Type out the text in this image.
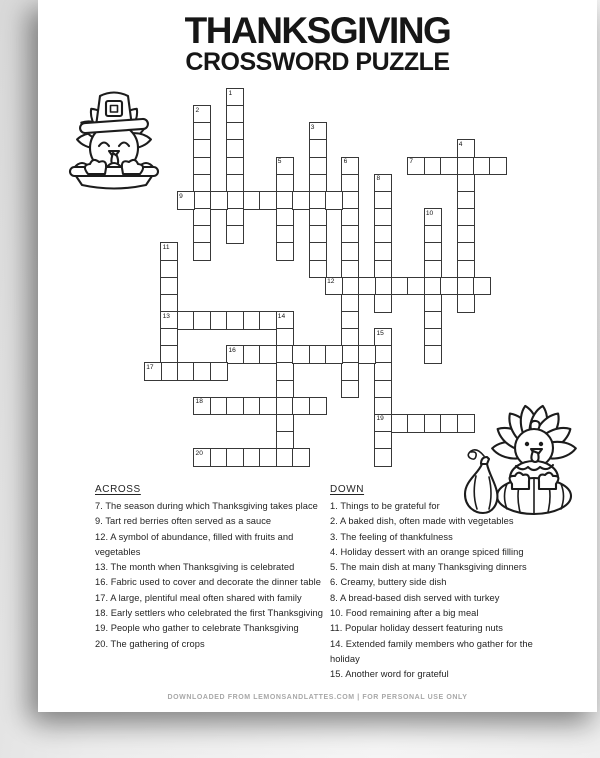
THANKSGIVING
CROSSWORD PUZZLE
1
2
3
4
5	6	7
8
9
10
11
12
13	14
15
16
17
18
19
20
ACROSS
7. The season during which Thanksgiving takes place
9. Tart red berries often served as a sauce
12. A symbol of abundance, filled with fruits and vegetables
13. The month when Thanksgiving is celebrated
16. Fabric used to cover and decorate the dinner table
17. A large, plentiful meal often shared with family
18. Early settlers who celebrated the first Thanksgiving
19. People who gather to celebrate Thanksgiving
20. The gathering of crops
DOWN
1. Things to be grateful for
2. A baked dish, often made with vegetables
3. The feeling of thankfulness
4. Holiday dessert with an orange spiced filling
5. The main dish at many Thanksgiving dinners
6. Creamy, buttery side dish
8. A bread-based dish served with turkey
10. Food remaining after a big meal
11. Popular holiday dessert featuring nuts
14. Extended family members who gather for the holiday
15. Another word for grateful
DOWNLOADED FROM LEMONSANDLATTES.COM | FOR PERSONAL USE ONLY
